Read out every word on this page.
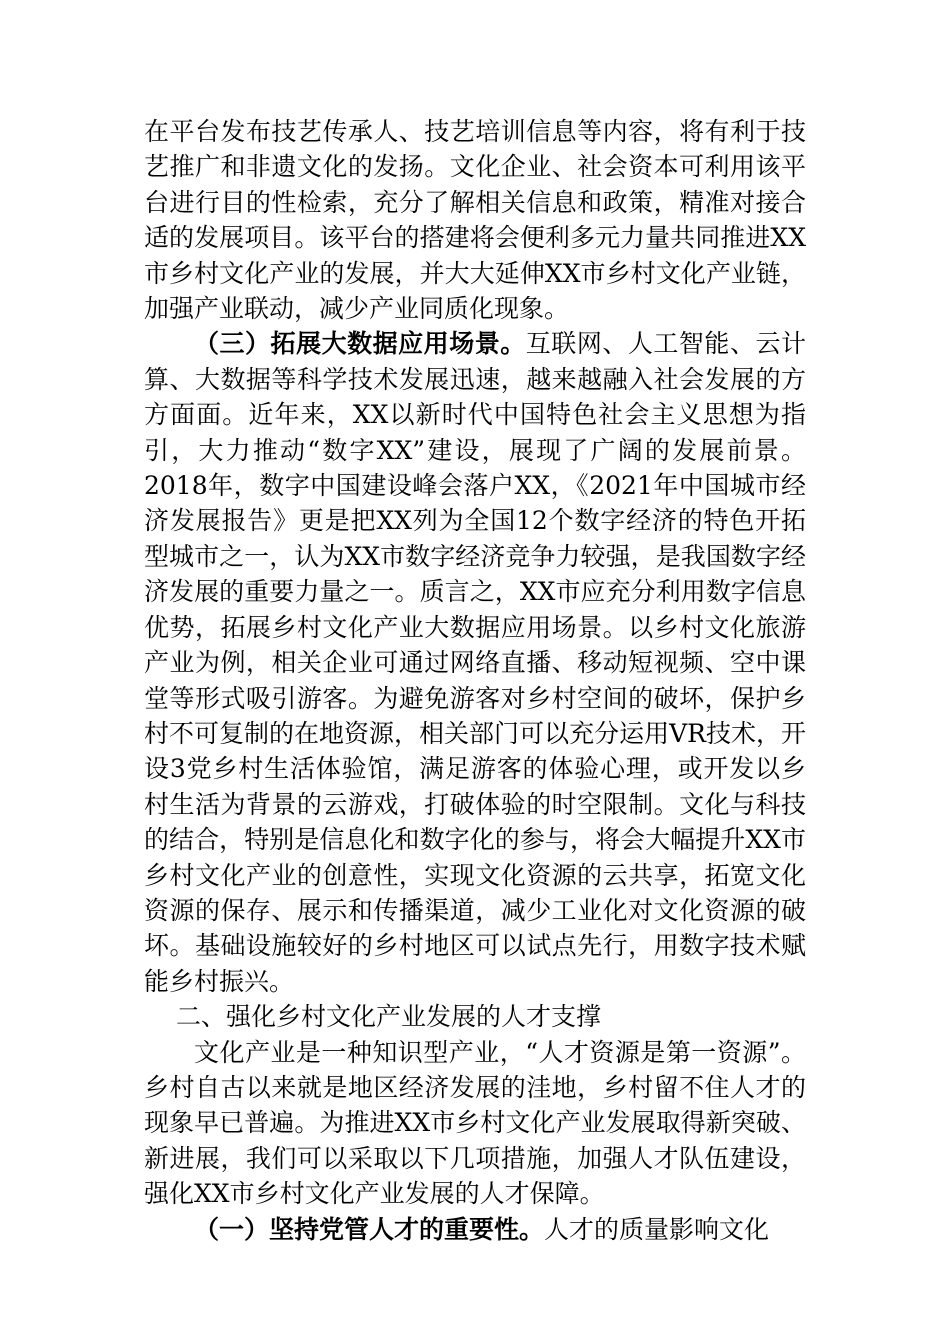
在平台发布技艺传承人、技艺培训信息等内容，将有利于技艺推广和非遗文化的发扬。文化企业、社会资本可利用该平台进行目的性检索，充分了解相关信息和政策，精准对接合适的发展项目。该平台的搭建将会便利多元力量共同推进XX市乡村文化产业的发展，并大大延伸XX市乡村文化产业链，加强产业联动，减少产业同质化现象。

（三）拓展大数据应用场景。互联网、人工智能、云计算、大数据等科学技术发展迅速，越来越融入社会发展的方方面面。近年来，XX以新时代中国特色社会主义思想为指引，大力推动“数字XX”建设，展现了广阔的发展前景。2018年，数字中国建设峰会落户XX，《2021年中国城市经济发展报告》更是把XX列为全国12个数字经济的特色开拓型城市之一，认为XX市数字经济竞争力较强，是我国数字经济发展的重要力量之一。质言之，XX市应充分利用数字信息优势，拓展乡村文化产业大数据应用场景。以乡村文化旅游产业为例，相关企业可通过网络直播、移动短视频、空中课堂等形式吸引游客。为避免游客对乡村空间的破坏，保护乡村不可复制的在地资源，相关部门可以充分运用VR技术，开设3党乡村生活体验馆，满足游客的体验心理，或开发以乡村生活为背景的云游戏，打破体验的时空限制。文化与科技的结合，特别是信息化和数字化的参与，将会大幅提升XX市乡村文化产业的创意性，实现文化资源的云共享，拓宽文化资源的保存、展示和传播渠道，减少工业化对文化资源的破坏。基础设施较好的乡村地区可以试点先行，用数字技术赋能乡村振兴。

二、强化乡村文化产业发展的人才支撑

文化产业是一种知识型产业，“人才资源是第一资源”。乡村自古以来就是地区经济发展的洼地，乡村留不住人才的现象早已普遍。为推进XX市乡村文化产业发展取得新突破、新进展，我们可以采取以下几项措施，加强人才队伍建设，强化XX市乡村文化产业发展的人才保障。

（一）坚持党管人才的重要性。人才的质量影响文化
